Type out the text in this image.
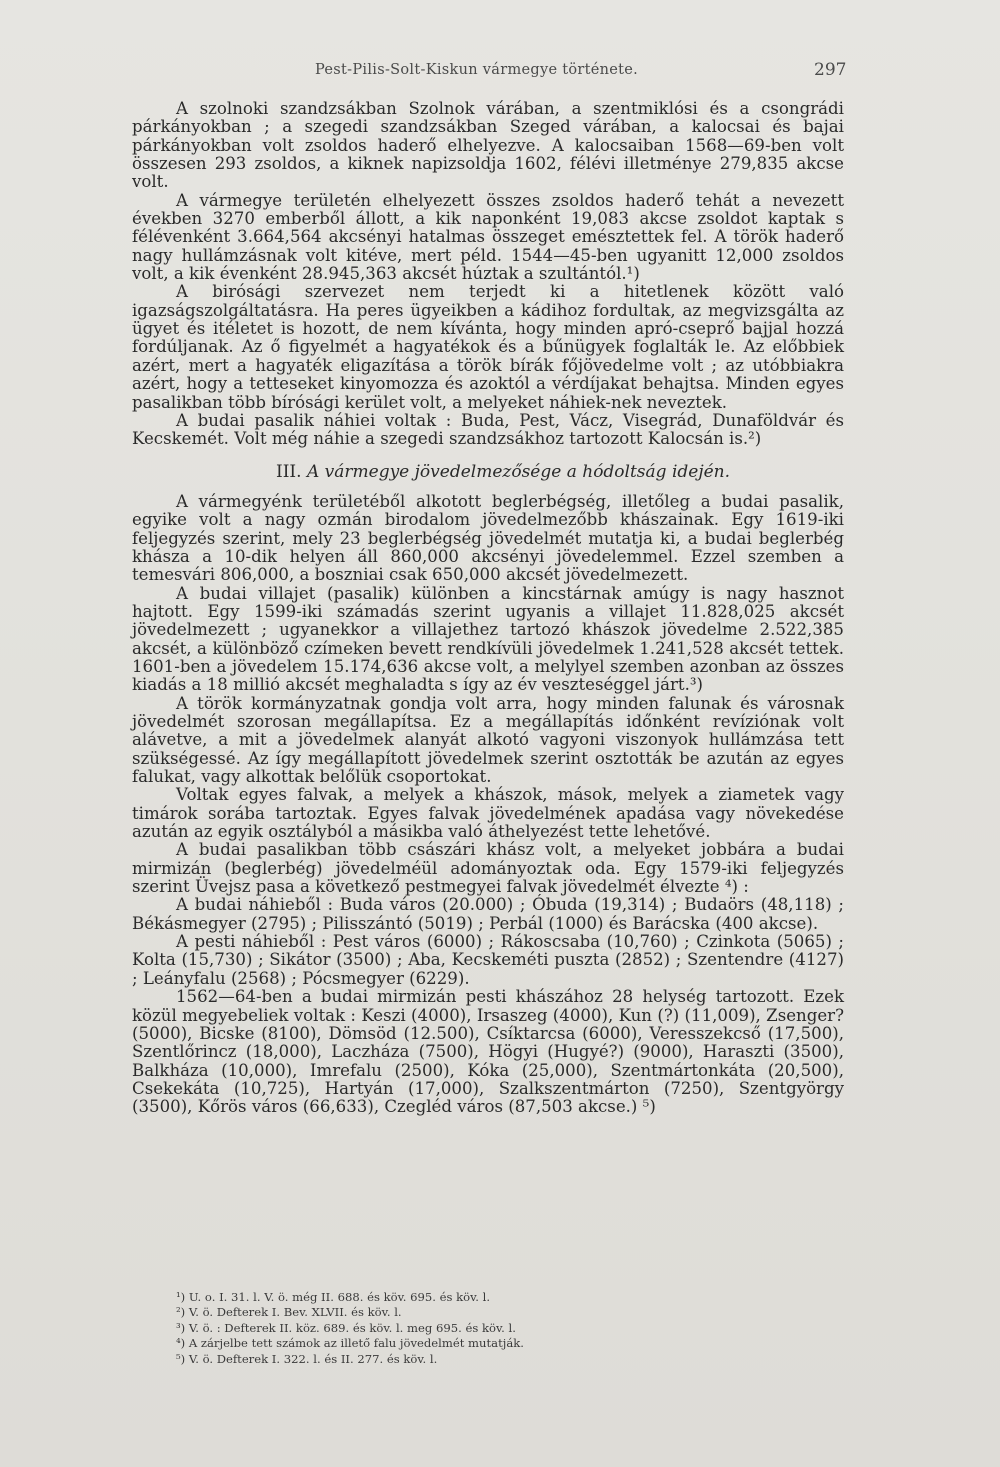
Pest-Pilis-Solt-Kiskun vármegye története.	297

A szolnoki szandzsákban Szolnok várában, a szentmiklósi és a csongrádi párkányokban ; a szegedi szandzsákban Szeged várában, a kalocsai és bajai párkányokban volt zsoldos haderő elhelyezve. A kalocsaiban 1568—69-ben volt összesen 293 zsoldos, a kiknek napizsoldja 1602, félévi illetménye 279,835 akcse volt.

A vármegye területén elhelyezett összes zsoldos haderő tehát a nevezett években 3270 emberből állott, a kik naponként 19,083 akcse zsoldot kaptak s félévenként 3.664,564 akcsényi hatalmas összeget emésztettek fel. A török haderő nagy hullámzásnak volt kitéve, mert péld․ 1544—45-ben ugyanitt 12,000 zsoldos volt, a kik évenként 28.945,363 akcsét húztak a szultántól.¹)

A birósági szervezet nem terjedt ki a hitetlenek között való igazságszolgáltatásra. Ha peres ügyeikben a kádihoz fordultak, az megvizsgálta az ügyet és itéletet is hozott, de nem kívánta, hogy minden apró-cseprő bajjal hozzá fordúljanak. Az ő figyelmét a hagyatékok és a bűnügyek foglalták le. Az előbbiek azért, mert a hagyaték eligazítása a török bírák főjövedelme volt ; az utóbbiakra azért, hogy a tetteseket kinyomozza és azoktól a vérdíjakat behajtsa. Minden egyes pasalikban több bírósági kerület volt, a melyeket náhiek-nek neveztek.

A budai pasalik náhiei voltak : Buda, Pest, Vácz, Visegrád, Dunaföldvár és Kecskemét. Volt még náhie a szegedi szandzsákhoz tartozott Kalocsán is.²)

III. A vármegye jövedelmezősége a hódoltság idején.

A vármegyénk területéből alkotott beglerbégség, illetőleg a budai pasalik, egyike volt a nagy ozmán birodalom jövedelmezőbb khászainak. Egy 1619-iki feljegyzés szerint, mely 23 beglerbégség jövedelmét mutatja ki, a budai beglerbég khásza a 10-dik helyen áll 860,000 akcsényi jövedelemmel. Ezzel szemben a temesvári 806,000, a boszniai csak 650,000 akcsét jövedelmezett.

A budai villajet (pasalik) különben a kincstárnak amúgy is nagy hasznot hajtott. Egy 1599-iki számadás szerint ugyanis a villajet 11.828,025 akcsét jövedelmezett ; ugyanekkor a villajethez tartozó khászok jövedelme 2.522,385 akcsét, a különböző czímeken bevett rendkívüli jövedelmek 1.241,528 akcsét tettek. 1601-ben a jövedelem 15.174,636 akcse volt, a melylyel szemben azonban az összes kiadás a 18 millió akcsét meghaladta s így az év veszteséggel járt.³)

A török kormányzatnak gondja volt arra, hogy minden falunak és városnak jövedelmét szorosan megállapítsa. Ez a megállapítás időnként revíziónak volt alávetve, a mit a jövedelmek alanyát alkotó vagyoni viszonyok hullámzása tett szükségessé. Az így megállapított jövedelmek szerint osztották be azután az egyes falukat, vagy alkottak belőlük csoportokat.

Voltak egyes falvak, a melyek a khászok, mások, melyek a ziametek vagy timárok sorába tartoztak. Egyes falvak jövedelmének apadása vagy növekedése azután az egyik osztályból a másikba való áthelyezést tette lehetővé.

A budai pasalikban több császári khász volt, a melyeket jobbára a budai mirmizán (beglerbég) jövedelméül adományoztak oda. Egy 1579-iki feljegyzés szerint Üvejsz pasa a következő pestmegyei falvak jövedelmét élvezte ⁴) :

A budai náhieből : Buda város (20.000) ; Óbuda (19,314) ; Budaörs (48,118) ; Békásmegyer (2795) ; Pilisszántó (5019) ; Perbál (1000) és Barácska (400 akcse).

A pesti náhieből : Pest város (6000) ; Rákoscsaba (10,760) ; Czinkota (5065) ; Kolta (15,730) ; Sikátor (3500) ; Aba, Kecskeméti puszta (2852) ; Szentendre (4127) ; Leányfalu (2568) ; Pócsmegyer (6229).

1562—64-ben a budai mirmizán pesti khászához 28 helység tartozott. Ezek közül megyebeliek voltak : Keszi (4000), Irsaszeg (4000), Kun (?) (11,009), Zsenger? (5000), Bicske (8100), Dömsöd (12.500), Csíktarcsa (6000), Veresszekcső (17,500), Szentlőrincz (18,000), Laczháza (7500), Högyi (Hugyé?) (9000), Haraszti (3500), Balkháza (10,000), Imrefalu (2500), Kóka (25,000), Szentmártonkáta (20,500), Csekekáta (10,725), Hartyán (17,000), Szalkszentmárton (7250), Szentgyörgy (3500), Kőrös város (66,633), Czegléd város (87,503 akcse.) ⁵)

¹) U. o. I. 31. l. V. ö. még II. 688. és köv. 695. és köv. l.
²) V. ö. Defterek I. Bev. XLVII. és köv. l.
³) V. ö. : Defterek II. köz. 689. és köv. l. meg 695. és köv. l.
⁴) A zárjelbe tett számok az illető falu jövedelmét mutatják.
⁵) V. ö. Defterek I. 322. l. és II. 277. és köv. l.
